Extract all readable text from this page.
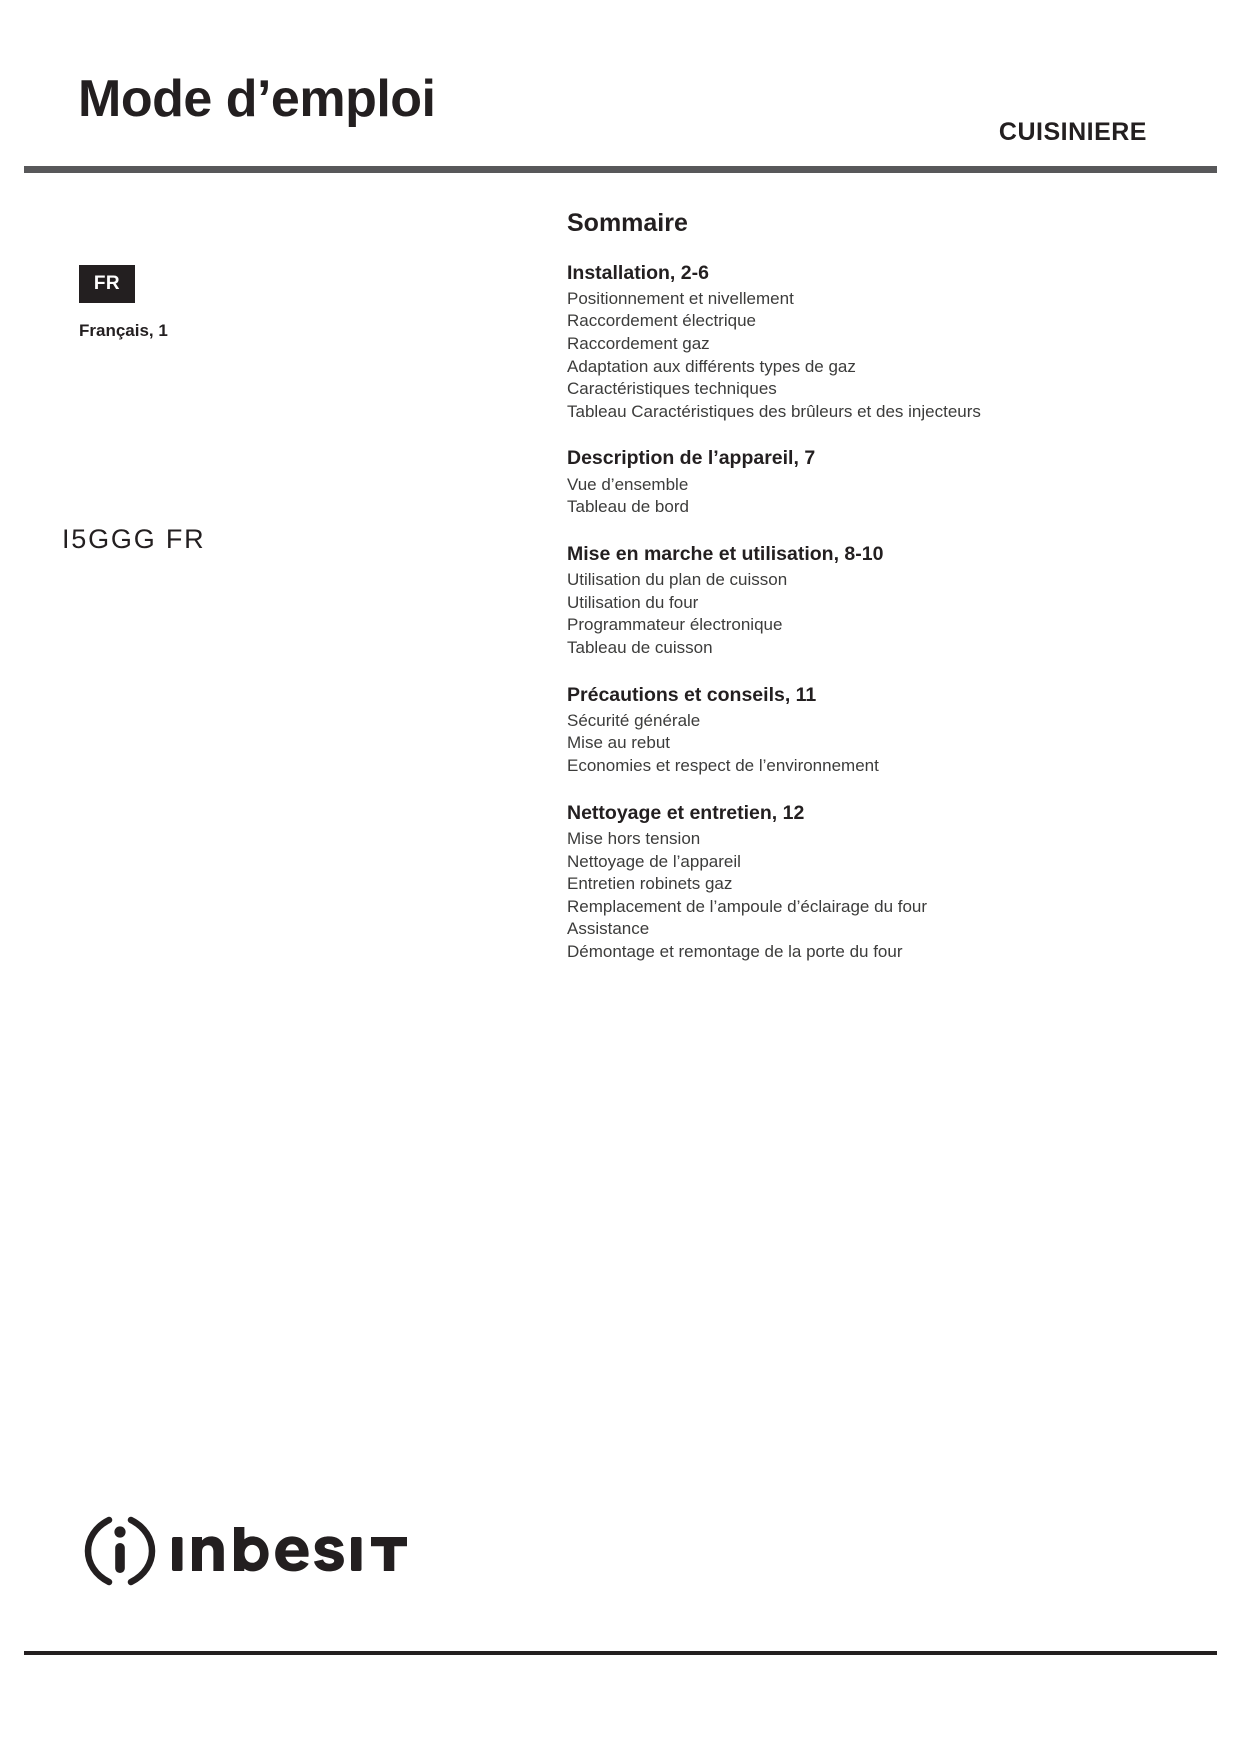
Mode d’emploi
CUISINIERE
FR
Français, 1
I5GGG FR
Sommaire
Installation, 2-6
Positionnement et nivellement
Raccordement électrique
Raccordement gaz
Adaptation aux différents types de gaz
Caractéristiques techniques
Tableau Caractéristiques des brûleurs et des injecteurs
Description de l’appareil, 7
Vue d’ensemble
Tableau de bord
Mise en marche et utilisation, 8-10
Utilisation du plan de cuisson
Utilisation du four
Programmateur électronique
Tableau de cuisson
Précautions et conseils, 11
Sécurité générale
Mise au rebut
Economies et respect de l’environnement
Nettoyage et entretien, 12
Mise hors tension
Nettoyage de l’appareil
Entretien robinets gaz
Remplacement de l’ampoule d’éclairage du four
Assistance
Démontage et remontage de la porte du four
